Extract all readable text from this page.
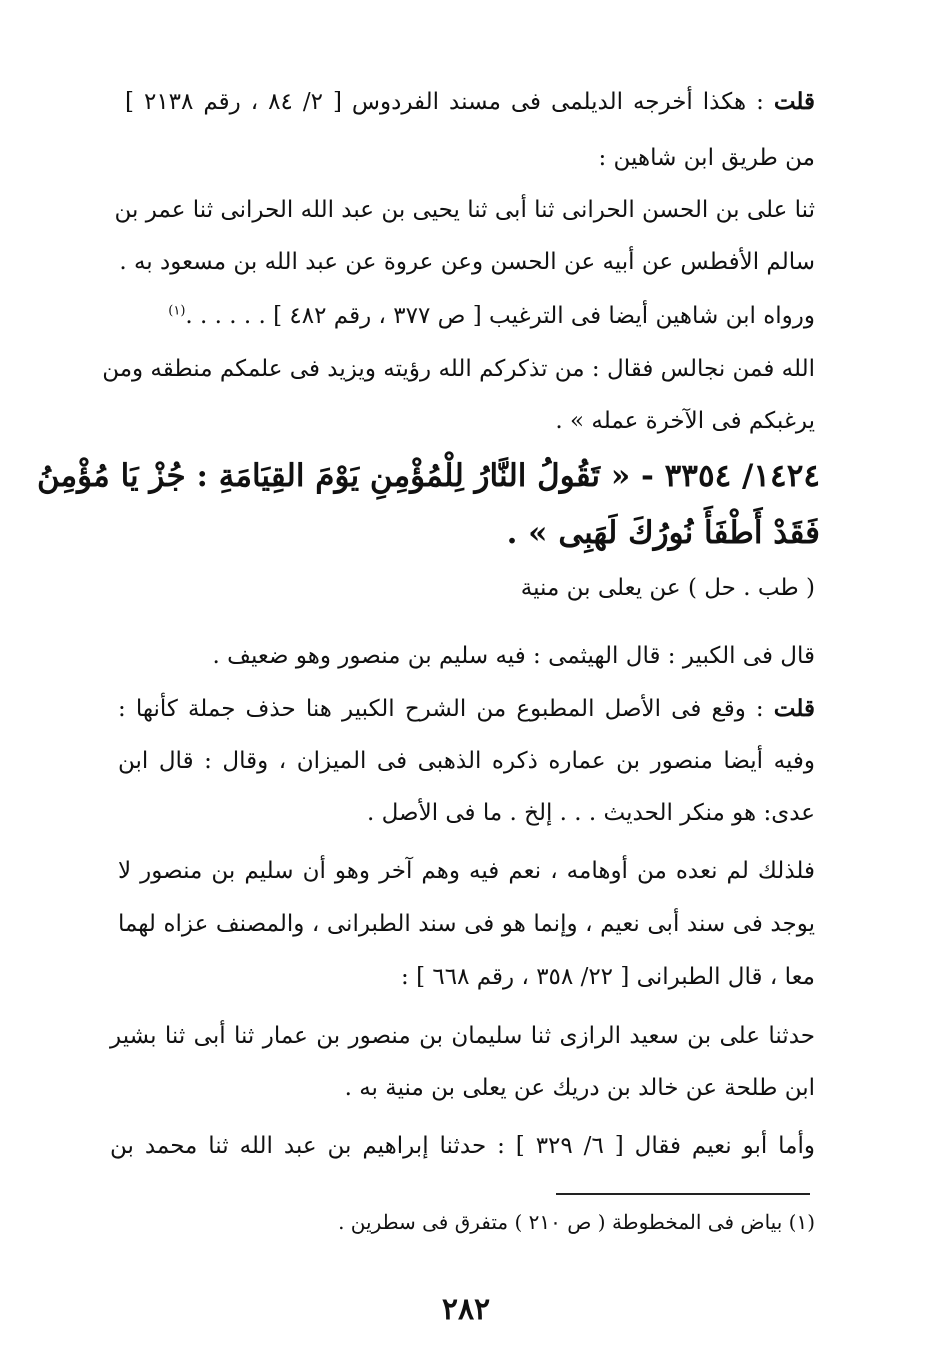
قلت : هكذا أخرجه الديلمى فى مسند الفردوس [ ٢/ ٨٤ ، رقم ٢١٣٨ ]

من طريق ابن شاهين :

ثنا على بن الحسن الحرانى ثنا أبى ثنا يحيى بن عبد الله الحرانى ثنا عمر بن

سالم الأفطس عن أبيه عن الحسن وعن عروة عن عبد الله بن مسعود به .

ورواه ابن شاهين أيضا فى الترغيب [ ص ٣٧٧ ، رقم ٤٨٢ ] . . . . . .$^{(١)}$

الله فمن نجالس فقال : من تذكركم الله رؤيته ويزيد فى علمكم منطقه ومن

يرغبكم فى الآخرة عمله » .

١٤٢٤/ ٣٣٥٤ - « تَقُولُ النَّارُ لِلْمُؤْمِنِ يَوْمَ القِيَامَةِ : جُزْ يَا مُؤْمِنُ

فَقَدْ أَطْفَأَ نُورُكَ لَهَبِى » .

( طب . حل ) عن يعلى بن منية

قال فى الكبير : قال الهيثمى : فيه سليم بن منصور وهو ضعيف .

قلت : وقع فى الأصل المطبوع من الشرح الكبير هنا حذف جملة كأنها :

وفيه أيضا منصور بن عماره ذكره الذهبى فى الميزان ، وقال : قال ابن

عدى: هو منكر الحديث . . . إلخ . ما فى الأصل .

فلذلك لم نعده من أوهامه ، نعم فيه وهم آخر وهو أن سليم بن منصور لا

يوجد فى سند أبى نعيم ، وإنما هو فى سند الطبرانى ، والمصنف عزاه لهما

معا ، قال الطبرانى [ ٢٢/ ٣٥٨ ، رقم ٦٦٨ ] :

حدثنا على بن سعيد الرازى ثنا سليمان بن منصور بن عمار ثنا أبى ثنا بشير

ابن طلحة عن خالد بن دريك عن يعلى بن منية به .

وأما أبو نعيم فقال [ ٦/ ٣٢٩ ] : حدثنا إبراهيم بن عبد الله ثنا محمد بن

(١) بياض فى المخطوطة ( ص ٢١٠ ) متفرق فى سطرين .

٢٨٢
